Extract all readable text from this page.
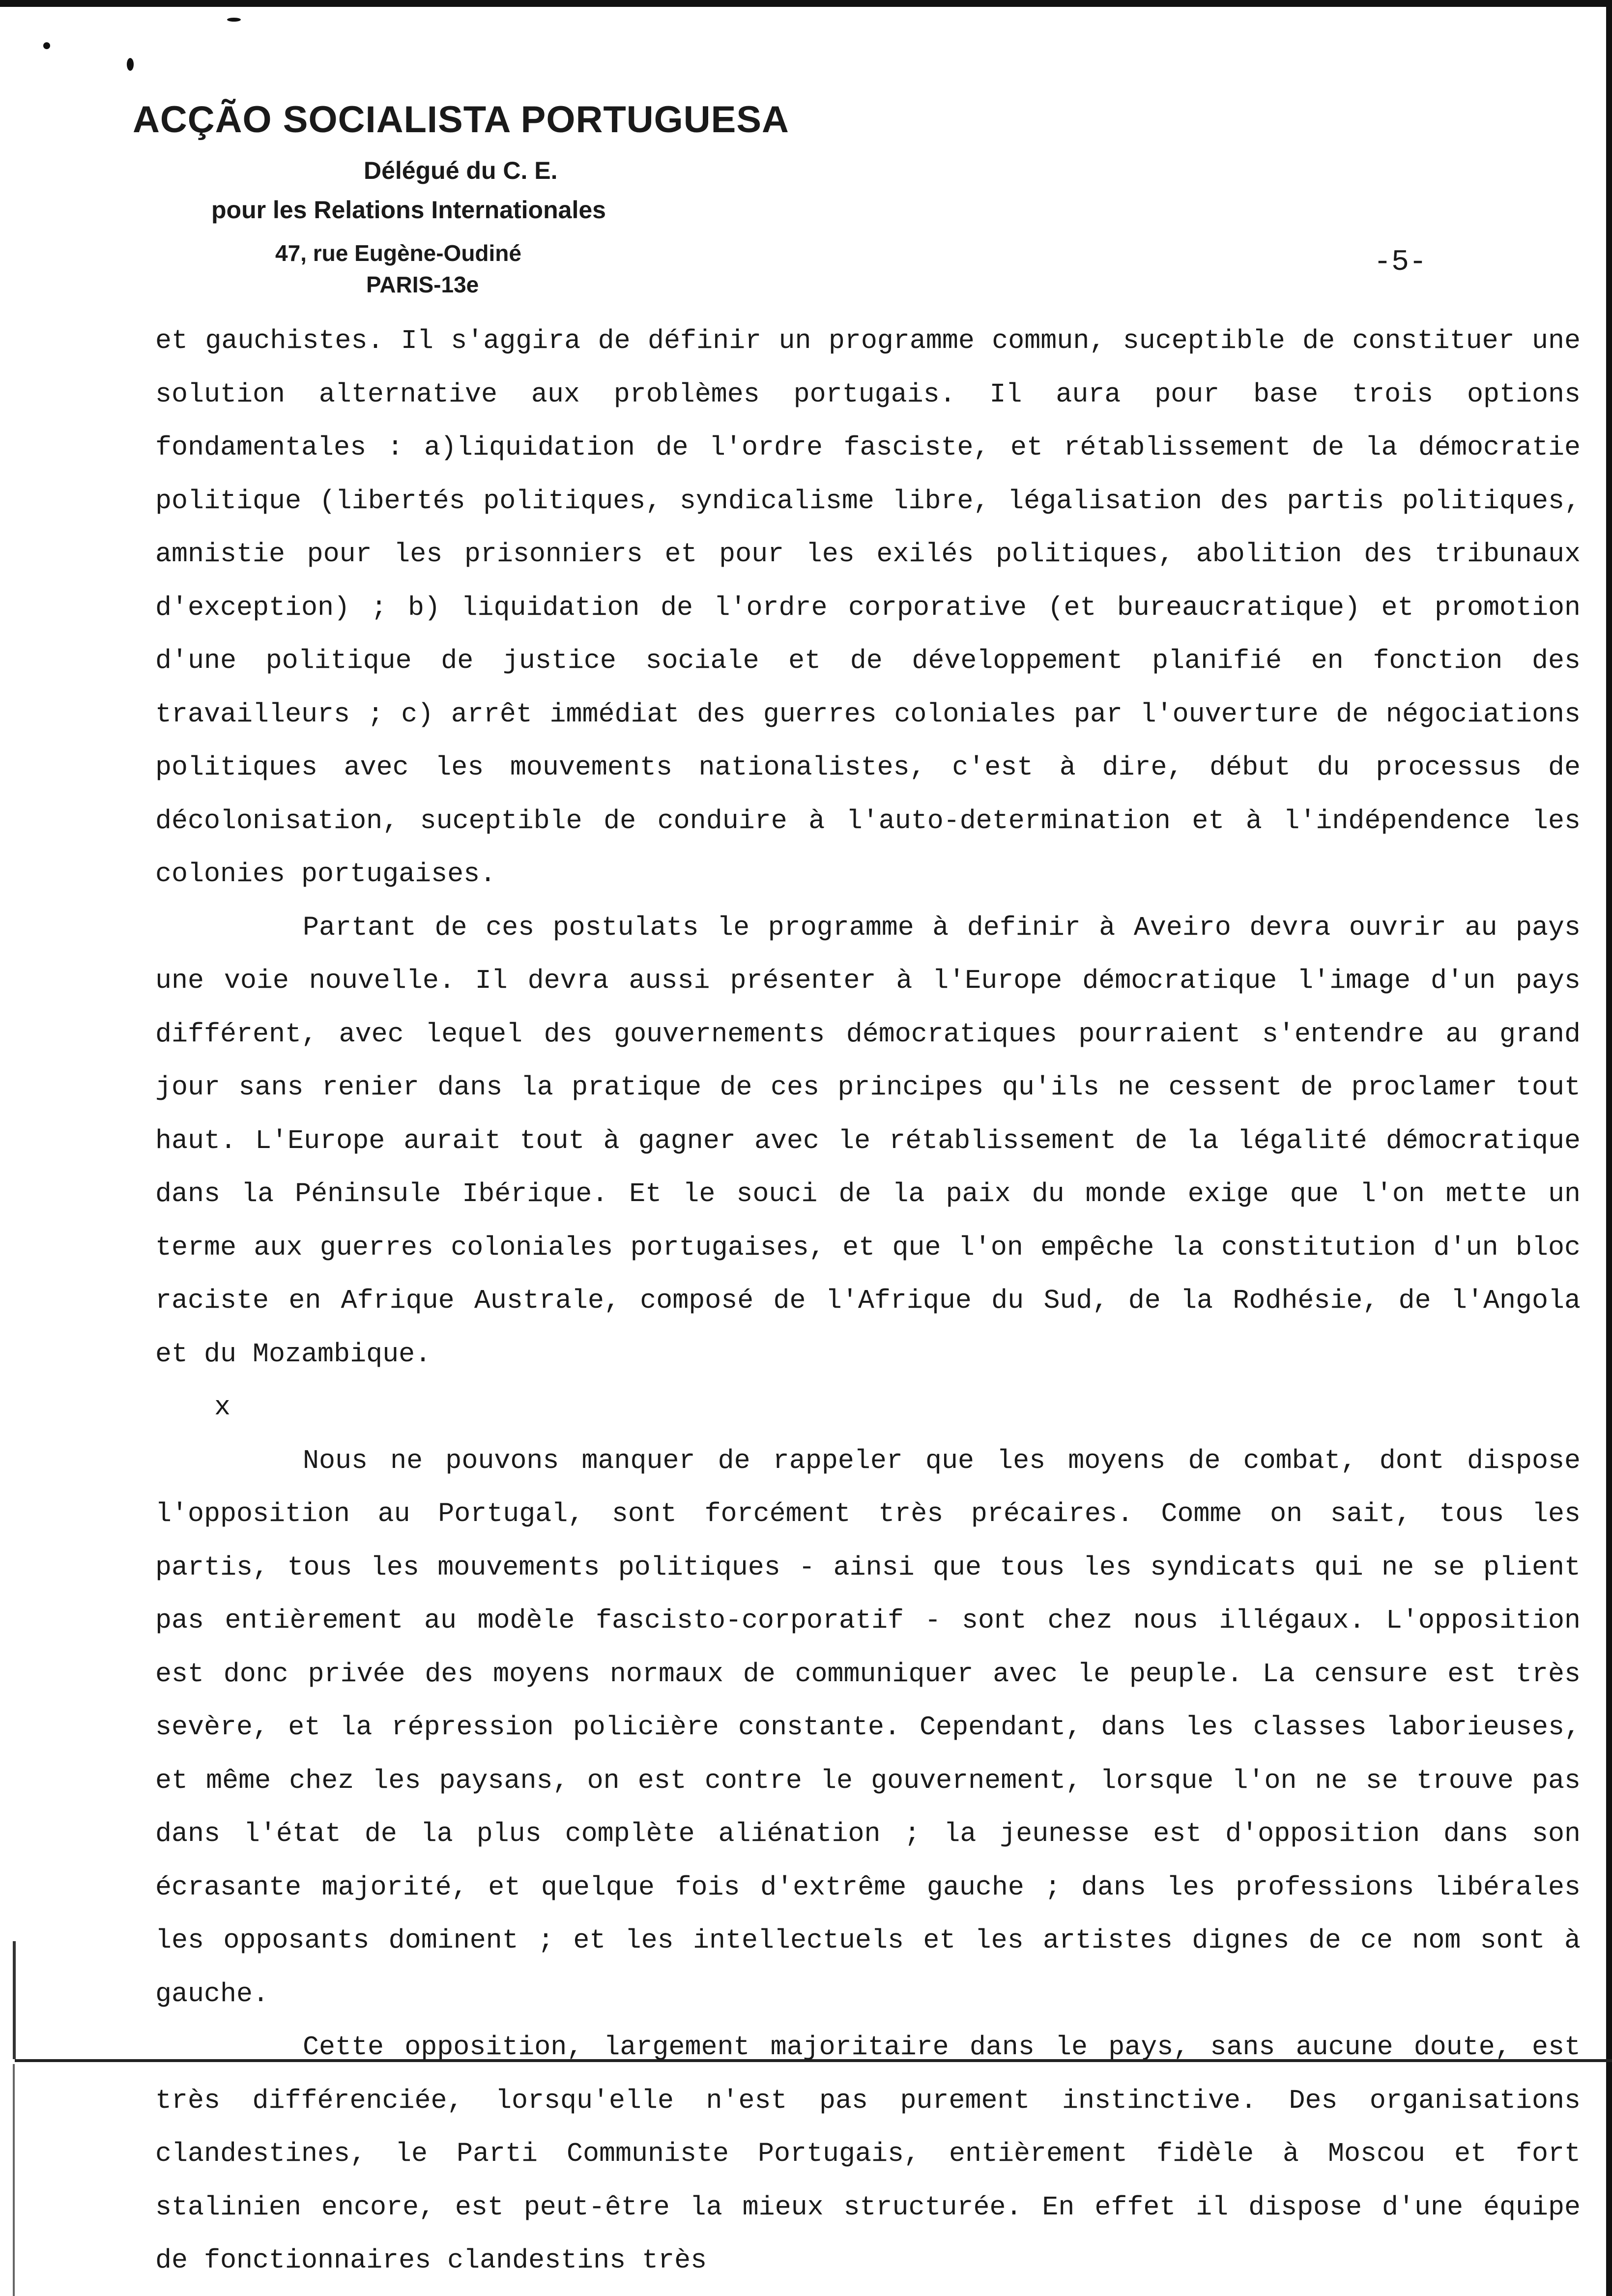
ACÇÃO SOCIALISTA PORTUGUESA
Délégué du C. E.
pour les Relations Internationales
47, rue Eugène-Oudiné
PARIS-13e
-5-

et gauchistes. Il s'aggira de définir un programme commun, suceptible de constituer une solution alternative aux problèmes portugais. Il aura pour base trois options fondamentales : a)liquidation de l'ordre fasciste, et rétablissement de la démocratie politique (libertés politiques, syndicalisme libre, légalisation des partis politiques, amnistie pour les prisonniers et pour les exilés politiques, abolition des tribunaux d'exception) ; b) liquidation de l'ordre corporative (et bureaucratique) et promotion d'une politique de justice sociale et de développement planifié en fonction des travailleurs ; c) arrêt immédiat des guerres coloniales par l'ouverture de négociations politiques avec les mouvements nationalistes, c'est à dire, début du processus de décolonisation, suceptible de conduire à l'auto-determination et à l'indépendence les colonies portugaises.

Partant de ces postulats le programme à definir à Aveiro devra ouvrir au pays une voie nouvelle. Il devra aussi présenter à l'Europe démocratique l'image d'un pays différent, avec lequel des gouvernements démocratiques pourraient s'entendre au grand jour sans renier dans la pratique de ces principes qu'ils ne cessent de proclamer tout haut. L'Europe aurait tout à gagner avec le rétablissement de la légalité démocratique dans la Péninsule Ibérique. Et le souci de la paix du monde exige que l'on mette un terme aux guerres coloniales portugaises, et que l'on empêche la constitution d'un bloc raciste en Afrique Australe, composé de l'Afrique du Sud, de la Rodhésie, de l'Angola et du Mozambique.

x

Nous ne pouvons manquer de rappeler que les moyens de combat, dont dispose l'opposition au Portugal, sont forcément très précaires. Comme on sait, tous les partis, tous les mouvements politiques - ainsi que tous les syndicats qui ne se plient pas entièrement au modèle fascisto-corporatif - sont chez nous illégaux. L'opposition est donc privée des moyens normaux de communiquer avec le peuple. La censure est très sevère, et la répression policière constante. Cependant, dans les classes laborieuses, et même chez les paysans, on est contre le gouvernement, lorsque l'on ne se trouve pas dans l'état de la plus complète aliénation ; la jeunesse est d'opposition dans son écrasante majorité, et quelque fois d'extrême gauche ; dans les professions libérales les opposants dominent ; et les intellectuels et les artistes dignes de ce nom sont à gauche.

Cette opposition, largement majoritaire dans le pays, sans aucune doute, est très différenciée, lorsqu'elle n'est pas purement instinctive. Des organisations clandestines, le Parti Communiste Portugais, entièrement fidèle à Moscou et fort stalinien encore, est peut-être la mieux structurée. En effet il dispose d'une équipe de fonctionnaires clandestins très
